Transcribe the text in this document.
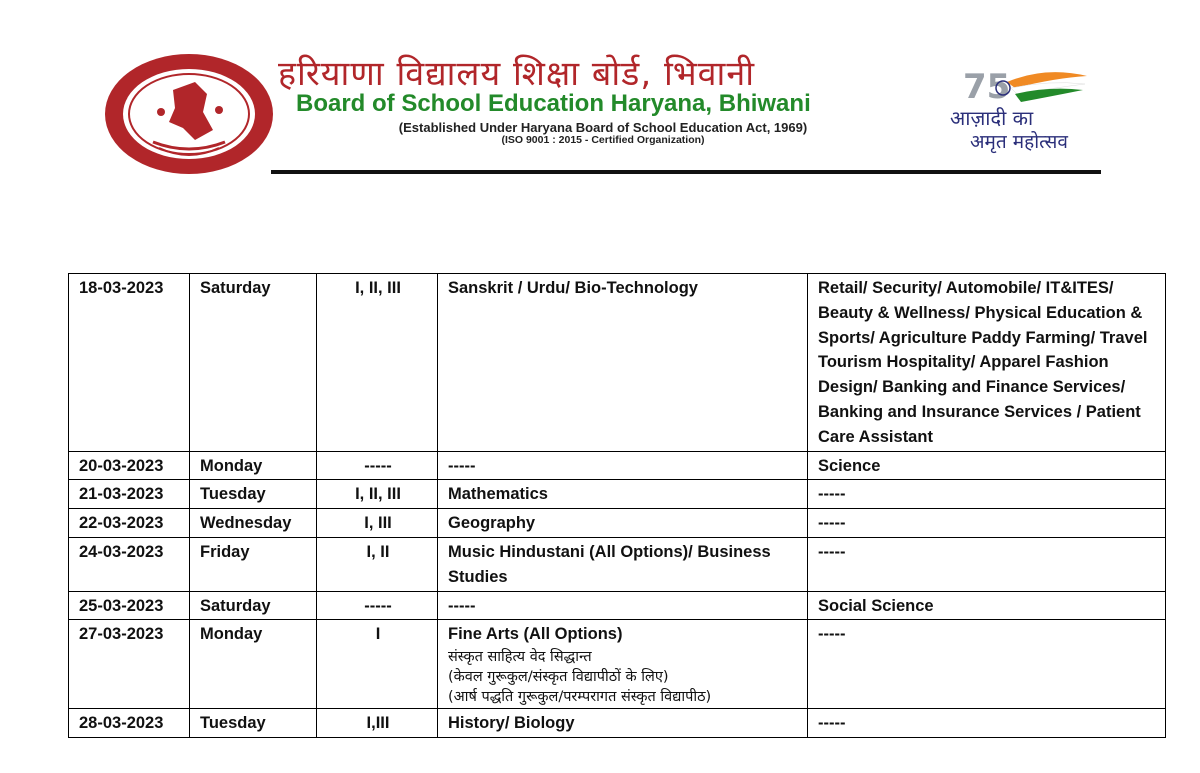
हरियाणा विद्यालय शिक्षा बोर्ड, भिवानी
Board of School Education Haryana, Bhiwani
(Established Under Haryana Board of School Education Act, 1969)
(ISO 9001 : 2015 - Certified Organization)
75
आज़ादी का
अमृत महोत्सव
18-03-2023	Saturday	I, II, III	Sanskrit / Urdu/ Bio-Technology	Retail/ Security/ Automobile/ IT&ITES/ Beauty & Wellness/ Physical Education & Sports/ Agriculture Paddy Farming/ Travel Tourism Hospitality/ Apparel Fashion Design/ Banking and Finance Services/ Banking and Insurance Services / Patient Care Assistant
20-03-2023	Monday	-----	-----	Science
21-03-2023	Tuesday	I, II, III	Mathematics	-----
22-03-2023	Wednesday	I, III	Geography	-----
24-03-2023	Friday	I, II	Music Hindustani (All Options)/ Business Studies	-----
25-03-2023	Saturday	-----	-----	Social Science
27-03-2023	Monday	I	Fine Arts (All Options)
संस्कृत साहित्य वेद सिद्धान्त
(केवल गुरूकुल/संस्कृत विद्यापीठों के लिए)
(आर्ष पद्धति गुरूकुल/परम्परागत संस्कृत विद्यापीठ)	-----
28-03-2023	Tuesday	I,III	History/ Biology	-----
